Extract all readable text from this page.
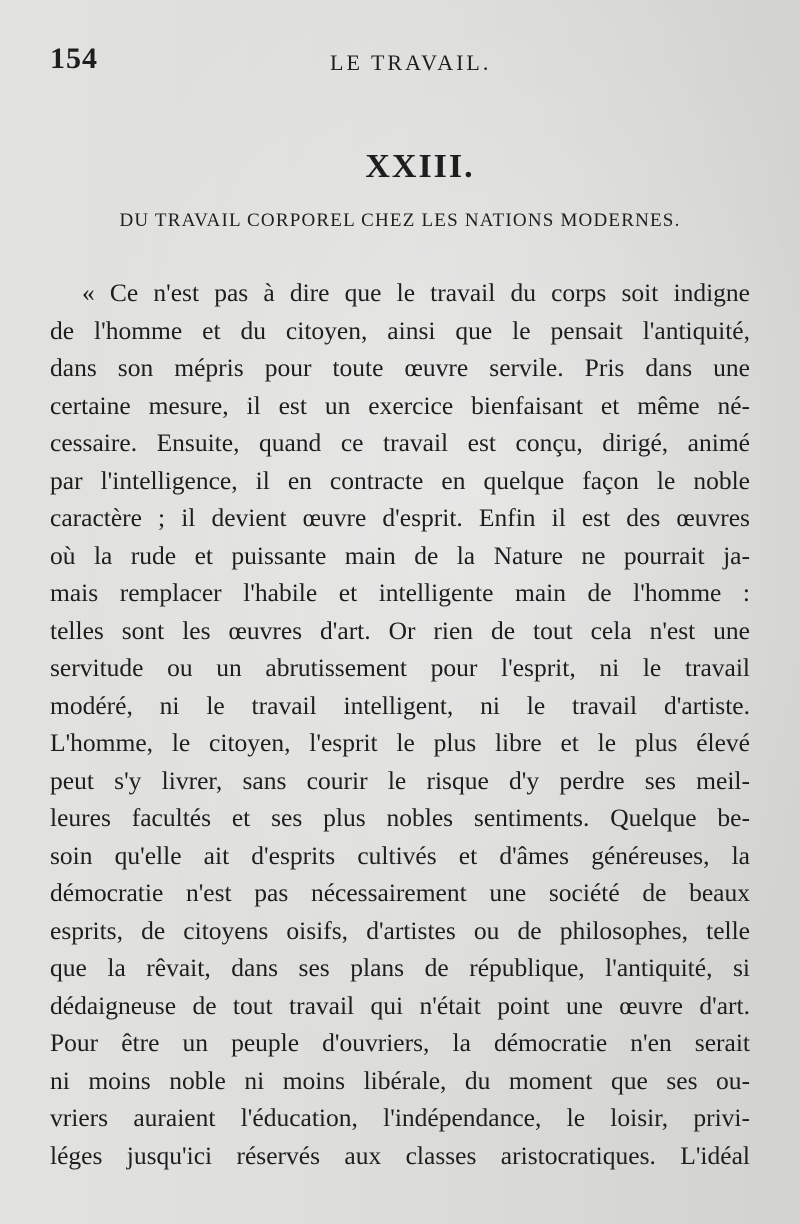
154	LE TRAVAIL.
XXIII.
DU TRAVAIL CORPOREL CHEZ LES NATIONS MODERNES.
« Ce n'est pas à dire que le travail du corps soit indigne
de l'homme et du citoyen, ainsi que le pensait l'antiquité,
dans son mépris pour toute œuvre servile. Pris dans une
certaine mesure, il est un exercice bienfaisant et même né-
cessaire. Ensuite, quand ce travail est conçu, dirigé, animé
par l'intelligence, il en contracte en quelque façon le noble
caractère ; il devient œuvre d'esprit. Enfin il est des œuvres
où la rude et puissante main de la Nature ne pourrait ja-
mais remplacer l'habile et intelligente main de l'homme :
telles sont les œuvres d'art. Or rien de tout cela n'est une
servitude ou un abrutissement pour l'esprit, ni le travail
modéré, ni le travail intelligent, ni le travail d'artiste.
L'homme, le citoyen, l'esprit le plus libre et le plus élevé
peut s'y livrer, sans courir le risque d'y perdre ses meil-
leures facultés et ses plus nobles sentiments. Quelque be-
soin qu'elle ait d'esprits cultivés et d'âmes généreuses, la
démocratie n'est pas nécessairement une société de beaux
esprits, de citoyens oisifs, d'artistes ou de philosophes, telle
que la rêvait, dans ses plans de république, l'antiquité, si
dédaigneuse de tout travail qui n'était point une œuvre d'art.
Pour être un peuple d'ouvriers, la démocratie n'en serait
ni moins noble ni moins libérale, du moment que ses ou-
vriers auraient l'éducation, l'indépendance, le loisir, privi-
léges jusqu'ici réservés aux classes aristocratiques. L'idéal
